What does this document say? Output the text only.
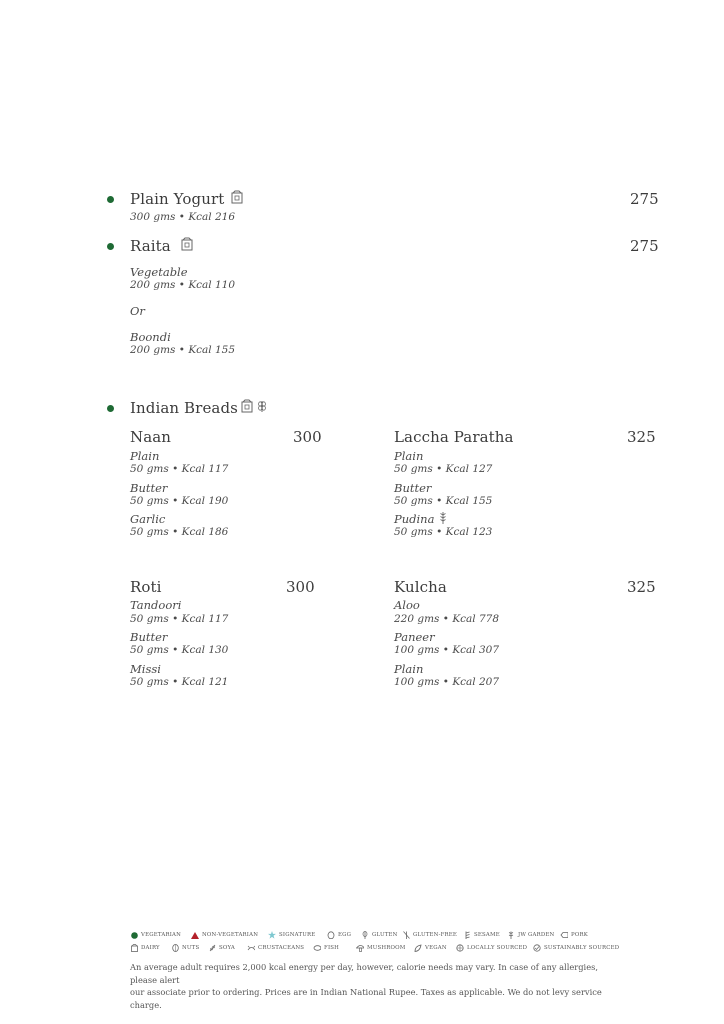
Plain Yogurt	275
300 gms • Kcal 216
Raita	275
Vegetable
200 gms • Kcal 110
Or
Boondi
200 gms • Kcal 155
Indian Breads
Naan	300
Plain
50 gms • Kcal 117
Butter
50 gms • Kcal 190
Garlic
50 gms • Kcal 186
Laccha Paratha	325
Plain
50 gms • Kcal 127
Butter
50 gms • Kcal 155
Pudina
50 gms • Kcal 123
Roti	300
Tandoori
50 gms • Kcal 117
Butter
50 gms • Kcal 130
Missi
50 gms • Kcal 121
Kulcha	325
Aloo
220 gms • Kcal 778
Paneer
100 gms • Kcal 307
Plain
100 gms • Kcal 207
VEGETARIAN	NON-VEGETARIAN	SIGNATURE	EGG	GLUTEN	GLUTEN-FREE	SESAME	JW GARDEN	PORK
DAIRY	NUTS	SOYA	CRUSTACEANS	FISH	MUSHROOM	VEGAN	LOCALLY SOURCED	SUSTAINABLY SOURCED
An average adult requires 2,000 kcal energy per day, however, calorie needs may vary. In case of any allergies, please alert
our associate prior to ordering. Prices are in Indian National Rupee. Taxes as applicable. We do not levy service charge.
